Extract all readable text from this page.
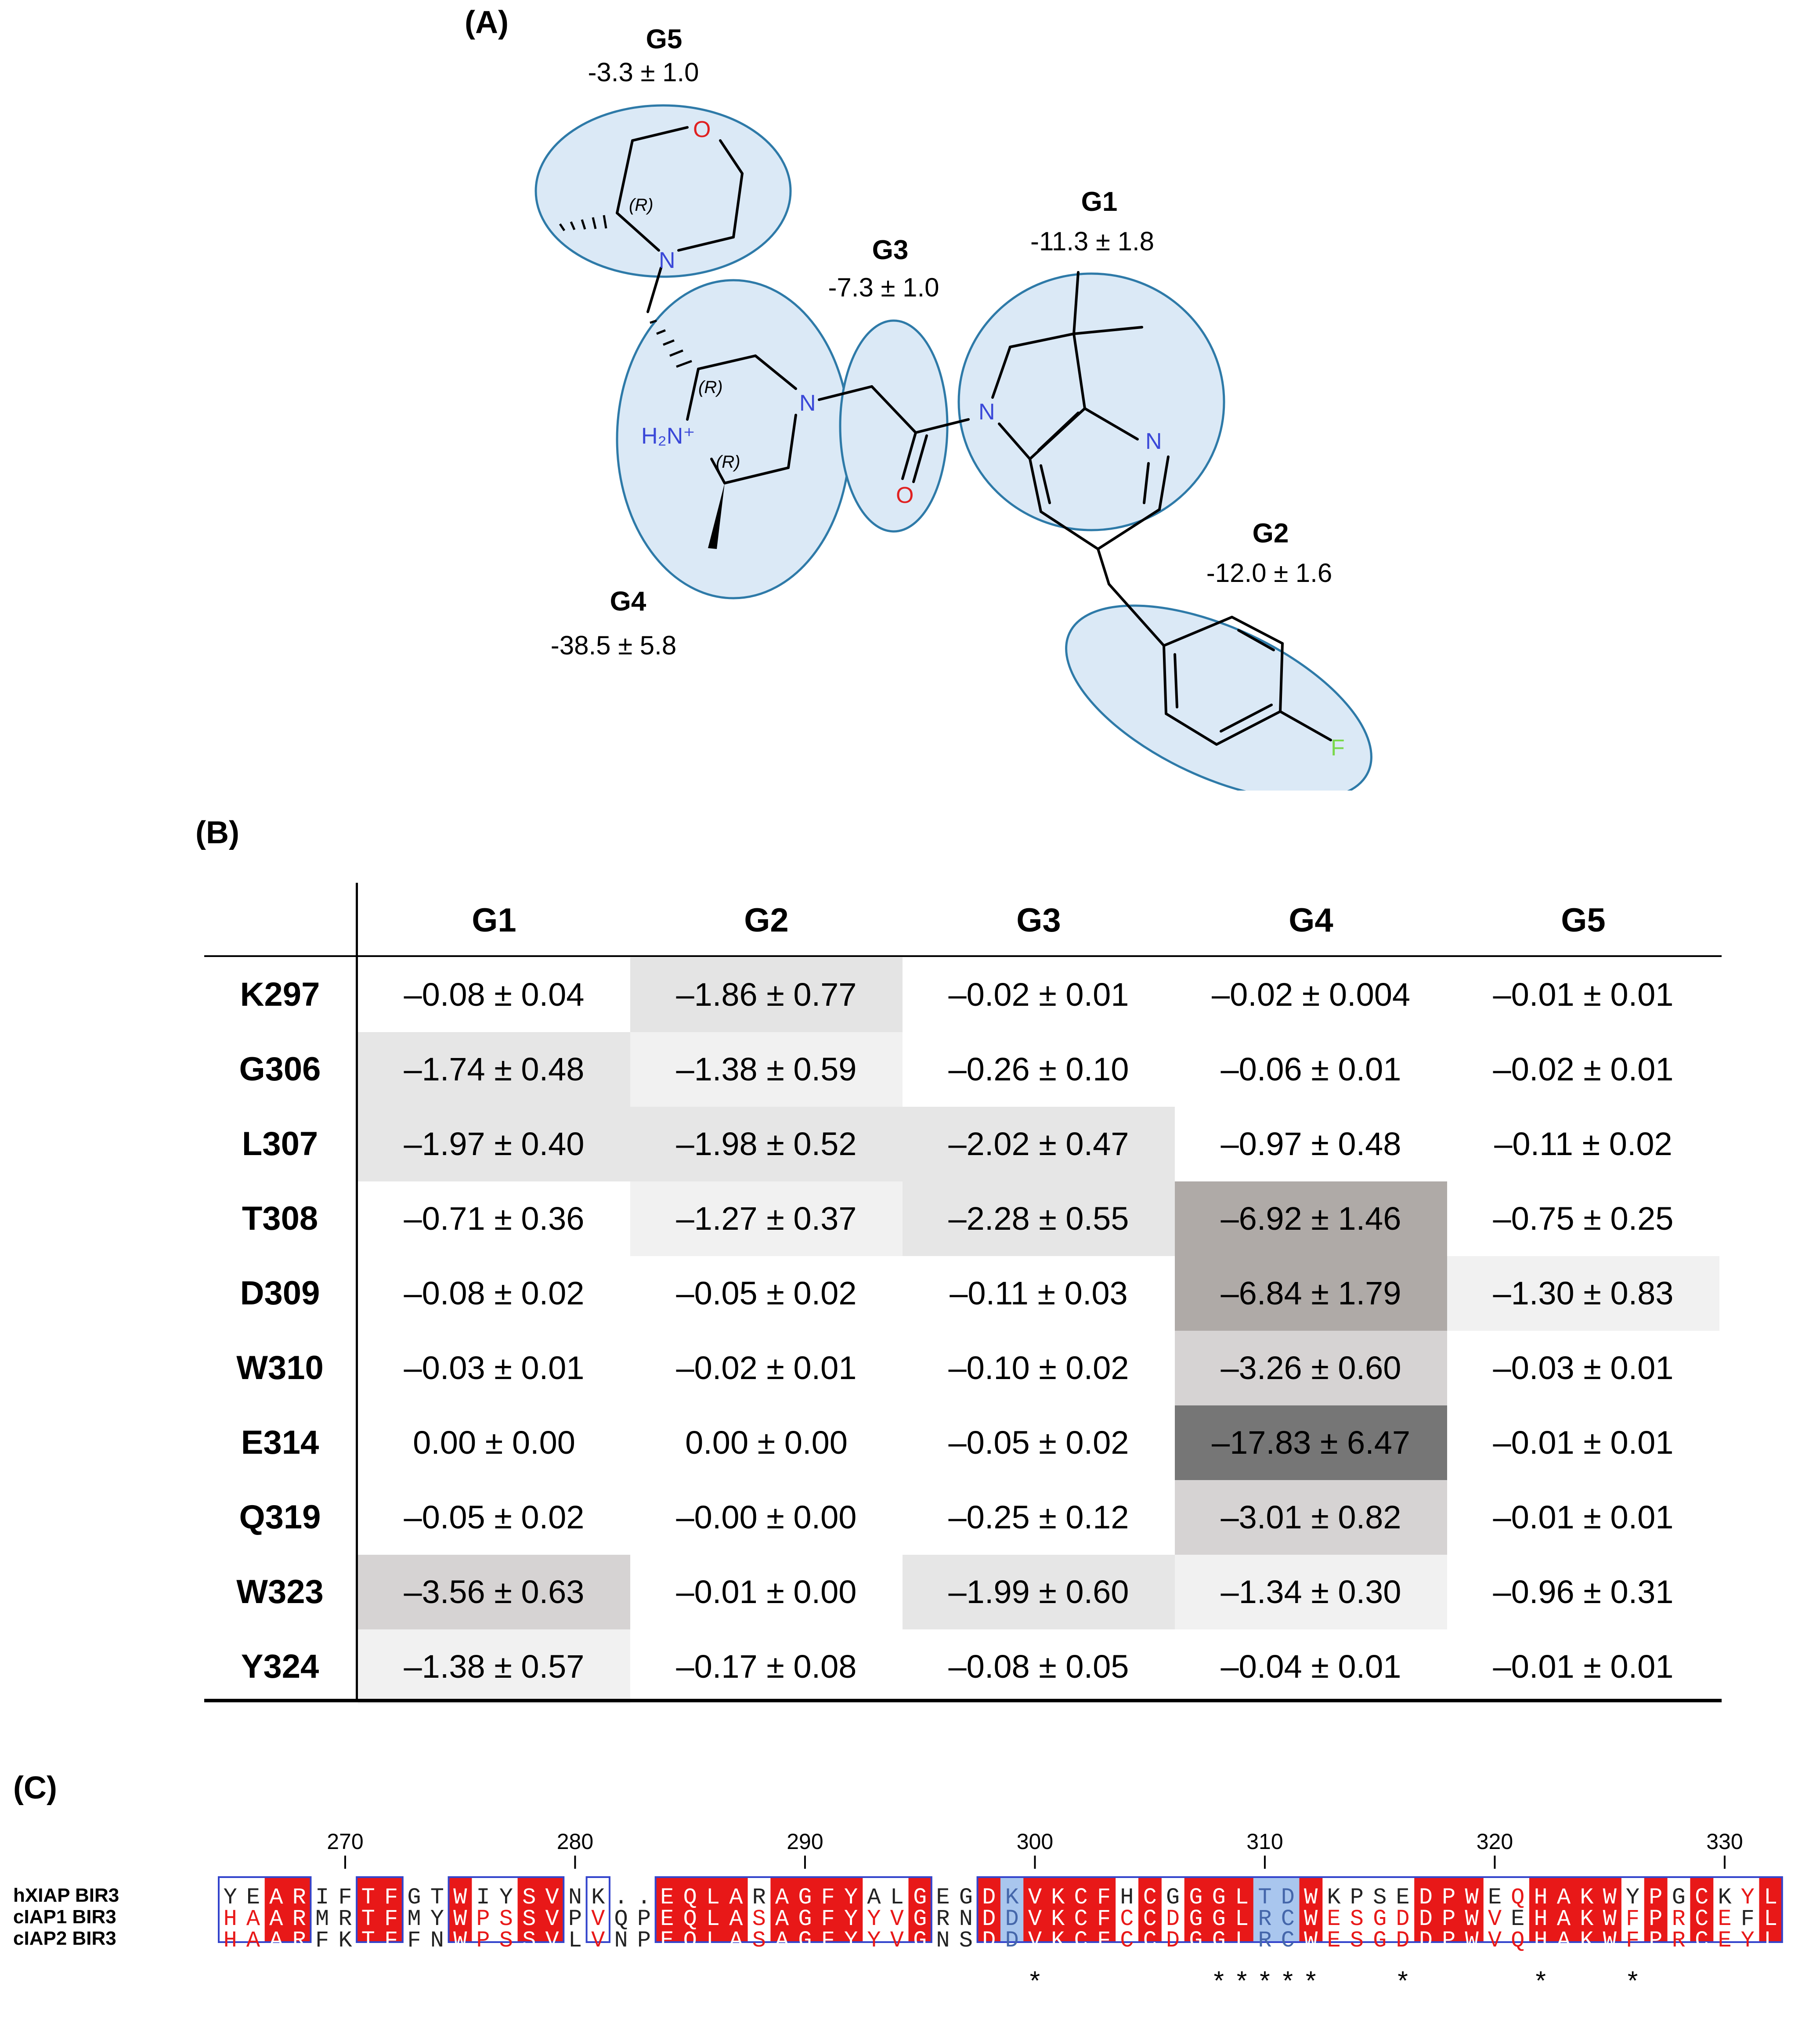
(A)
O
N
N
H₂N⁺
O
N
N
F
(R)
(R)
(R)
G5
-3.3 ± 1.0
G3
-7.3 ± 1.0
G1
-11.3 ± 1.8
G2
-12.0 ± 1.6
G4
-38.5 ± 5.8
(B)
G1	G2	G3	G4	G5
K297	–0.08 ± 0.04	–1.86 ± 0.77	–0.02 ± 0.01	–0.02 ± 0.004	–0.01 ± 0.01
G306	–1.74 ± 0.48	–1.38 ± 0.59	–0.26 ± 0.10	–0.06 ± 0.01	–0.02 ± 0.01
L307	–1.97 ± 0.40	–1.98 ± 0.52	–2.02 ± 0.47	–0.97 ± 0.48	–0.11 ± 0.02
T308	–0.71 ± 0.36	–1.27 ± 0.37	–2.28 ± 0.55	–6.92 ± 1.46	–0.75 ± 0.25
D309	–0.08 ± 0.02	–0.05 ± 0.02	–0.11 ± 0.03	–6.84 ± 1.79	–1.30 ± 0.83
W310	–0.03 ± 0.01	–0.02 ± 0.01	–0.10 ± 0.02	–3.26 ± 0.60	–0.03 ± 0.01
E314	0.00 ± 0.00	0.00 ± 0.00	–0.05 ± 0.02	–17.83 ± 6.47	–0.01 ± 0.01
Q319	–0.05 ± 0.02	–0.00 ± 0.00	–0.25 ± 0.12	–3.01 ± 0.82	–0.01 ± 0.01
W323	–3.56 ± 0.63	–0.01 ± 0.00	–1.99 ± 0.60	–1.34 ± 0.30	–0.96 ± 0.31
Y324	–1.38 ± 0.57	–0.17 ± 0.08	–0.08 ± 0.05	–0.04 ± 0.01	–0.01 ± 0.01
(C)
hXIAP BIR3
cIAP1 BIR3
cIAP2 BIR3
Y E A R I F T F G T W I Y S V N K . . E Q L A R A G F Y A L G E G D K V K C F H C G G G L T D W K P S E D P W E Q H A K W Y P G C K Y L
H A A R M R T F M Y W P S S V P V Q P E Q L A S A G F Y Y V G R N D D V K C F C C D G G L R C W E S G D D P W V E H A K W F P R C E F L
H A A R F K T F F N W P S S V L V N P E Q L A S A G F Y Y V G N S D D V K C F C C D G G L R C W E S G D D P W V Q H A K W F P R C E Y L
270	280	290	300	310	320	330
*	* * * * *	*	*	*
